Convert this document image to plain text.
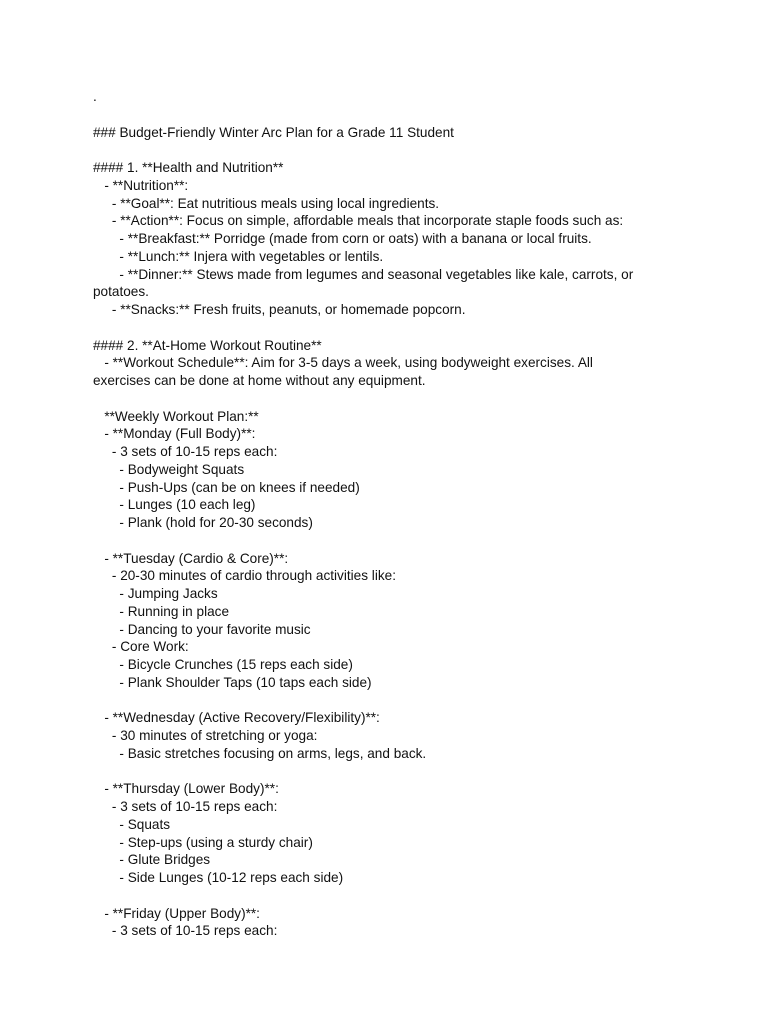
.
### Budget-Friendly Winter Arc Plan for a Grade 11 Student
#### 1. **Health and Nutrition**
- **Nutrition**:
- **Goal**: Eat nutritious meals using local ingredients.
- **Action**: Focus on simple, affordable meals that incorporate staple foods such as:
- **Breakfast:** Porridge (made from corn or oats) with a banana or local fruits.
- **Lunch:** Injera with vegetables or lentils.
- **Dinner:** Stews made from legumes and seasonal vegetables like kale, carrots, or
potatoes.
- **Snacks:** Fresh fruits, peanuts, or homemade popcorn.
#### 2. **At-Home Workout Routine**
- **Workout Schedule**: Aim for 3-5 days a week, using bodyweight exercises. All
exercises can be done at home without any equipment.
**Weekly Workout Plan:**
- **Monday (Full Body)**:
- 3 sets of 10-15 reps each:
- Bodyweight Squats
- Push-Ups (can be on knees if needed)
- Lunges (10 each leg)
- Plank (hold for 20-30 seconds)
- **Tuesday (Cardio & Core)**:
- 20-30 minutes of cardio through activities like:
- Jumping Jacks
- Running in place
- Dancing to your favorite music
- Core Work:
- Bicycle Crunches (15 reps each side)
- Plank Shoulder Taps (10 taps each side)
- **Wednesday (Active Recovery/Flexibility)**:
- 30 minutes of stretching or yoga:
- Basic stretches focusing on arms, legs, and back.
- **Thursday (Lower Body)**:
- 3 sets of 10-15 reps each:
- Squats
- Step-ups (using a sturdy chair)
- Glute Bridges
- Side Lunges (10-12 reps each side)
- **Friday (Upper Body)**:
- 3 sets of 10-15 reps each:
